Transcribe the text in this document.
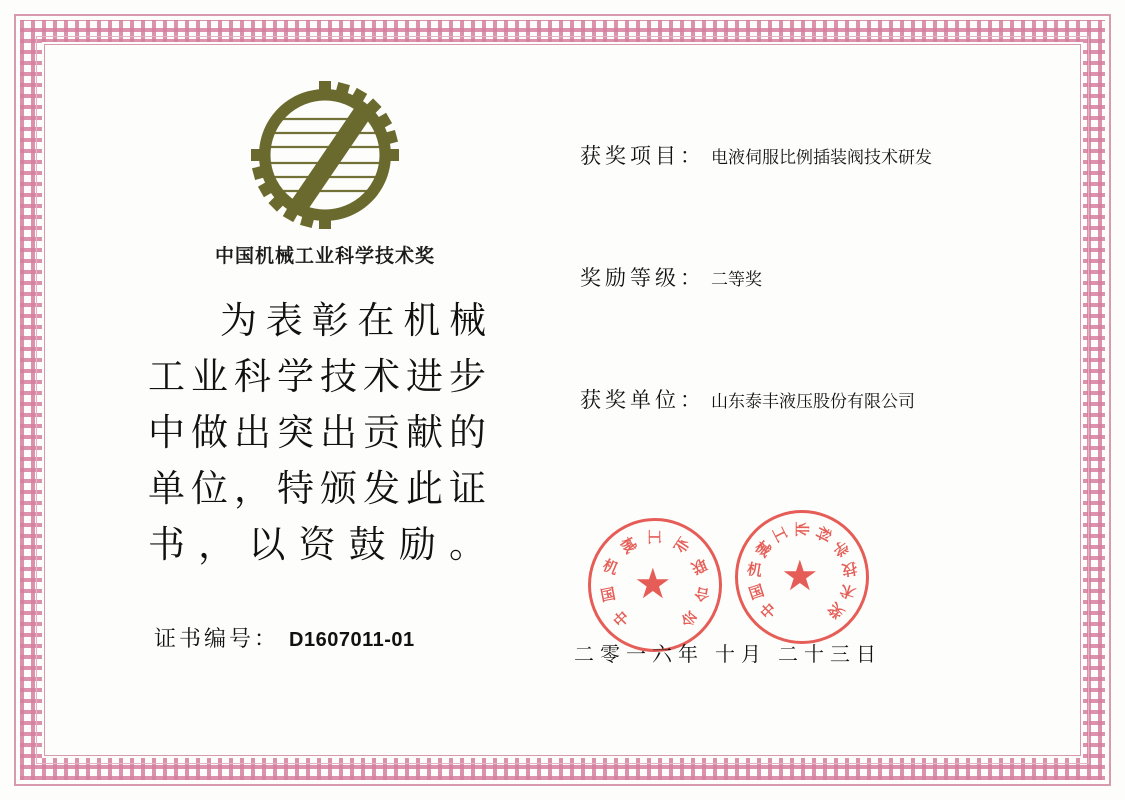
中国机械工业科学技术奖
为表彰在机械
工业科学技术进步
中做出突出贡献的
单位，特颁发此证
书，以资鼓励。
证书编号： D1607011-01
获奖项目： 电液伺服比例插装阀技术研发
奖励等级： 二等奖
获奖单位： 山东泰丰液压股份有限公司
中
国
机
械 工 业
联
合
会	中
国
机
械
工 业 科
学
技
术
奖
二零一六年 十月 二十三日
